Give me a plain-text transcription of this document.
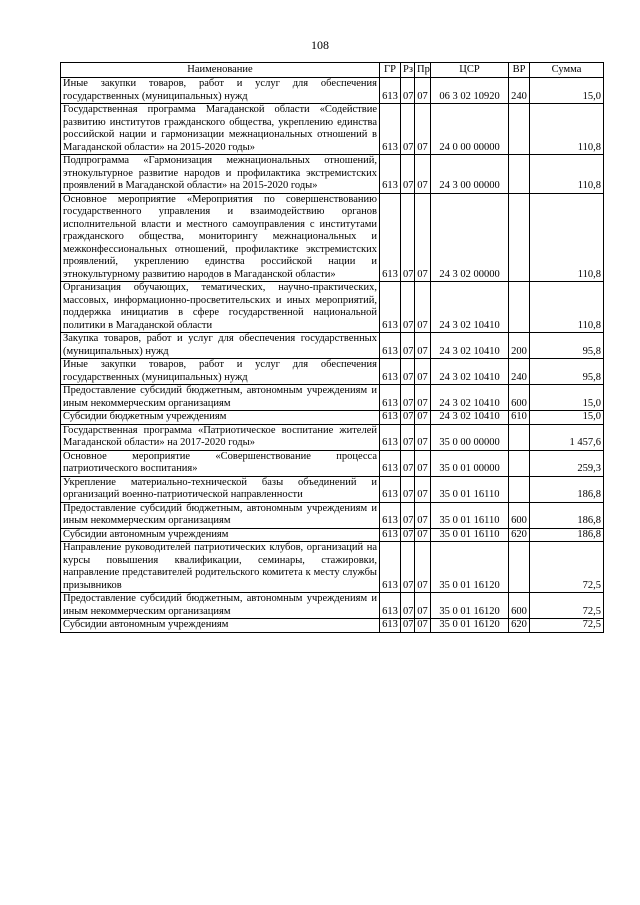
108
Наименование	ГР	Рз	Пр	ЦСР	ВР	Сумма
Иные закупки товаров, работ и услуг для обеспечения государственных (муниципальных) нужд	613	07	07	06 3 02 10920	240	15,0
Государственная программа Магаданской области «Содействие развитию институтов гражданского общества, укреплению единства российской нации и гармонизации межнациональных отношений в Магаданской области» на 2015-2020 годы»	613	07	07	24 0 00 00000		110,8
Подпрограмма «Гармонизация межнациональных отношений, этнокультурное развитие народов и профилактика экстремистских проявлений в Магаданской области» на 2015-2020 годы»	613	07	07	24 3 00 00000		110,8
Основное мероприятие «Мероприятия по совершенствованию государственного управления и взаимодействию органов исполнительной власти и местного самоуправления с институтами гражданского общества, мониторингу межнациональных и межконфессиональных отношений, профилактике экстремистских проявлений, укреплению единства российской нации и этнокультурному развитию народов в Магаданской области»	613	07	07	24 3 02 00000		110,8
Организация обучающих, тематических, научно-практических, массовых, информационно-просветительских и иных мероприятий, поддержка инициатив в сфере государственной национальной политики в Магаданской области	613	07	07	24 3 02 10410		110,8
Закупка товаров, работ и услуг для обеспечения государственных (муниципальных) нужд	613	07	07	24 3 02 10410	200	95,8
Иные закупки товаров, работ и услуг для обеспечения государственных (муниципальных) нужд	613	07	07	24 3 02 10410	240	95,8
Предоставление субсидий бюджетным, автономным учреждениям и иным некоммерческим организациям	613	07	07	24 3 02 10410	600	15,0
Субсидии бюджетным учреждениям	613	07	07	24 3 02 10410	610	15,0
Государственная программа «Патриотическое воспитание жителей Магаданской области» на 2017-2020 годы»	613	07	07	35 0 00 00000		1 457,6
Основное мероприятие «Совершенствование процесса патриотического воспитания»	613	07	07	35 0 01 00000		259,3
Укрепление материально-технической базы объединений и организаций военно-патриотической направленности	613	07	07	35 0 01 16110		186,8
Предоставление субсидий бюджетным, автономным учреждениям и иным некоммерческим организациям	613	07	07	35 0 01 16110	600	186,8
Субсидии автономным учреждениям	613	07	07	35 0 01 16110	620	186,8
Направление руководителей патриотических клубов, организаций на курсы повышения квалификации, семинары, стажировки, направление представителей родительского комитета к месту службы призывников	613	07	07	35 0 01 16120		72,5
Предоставление субсидий бюджетным, автономным учреждениям и иным некоммерческим организациям	613	07	07	35 0 01 16120	600	72,5
Субсидии автономным учреждениям	613	07	07	35 0 01 16120	620	72,5
